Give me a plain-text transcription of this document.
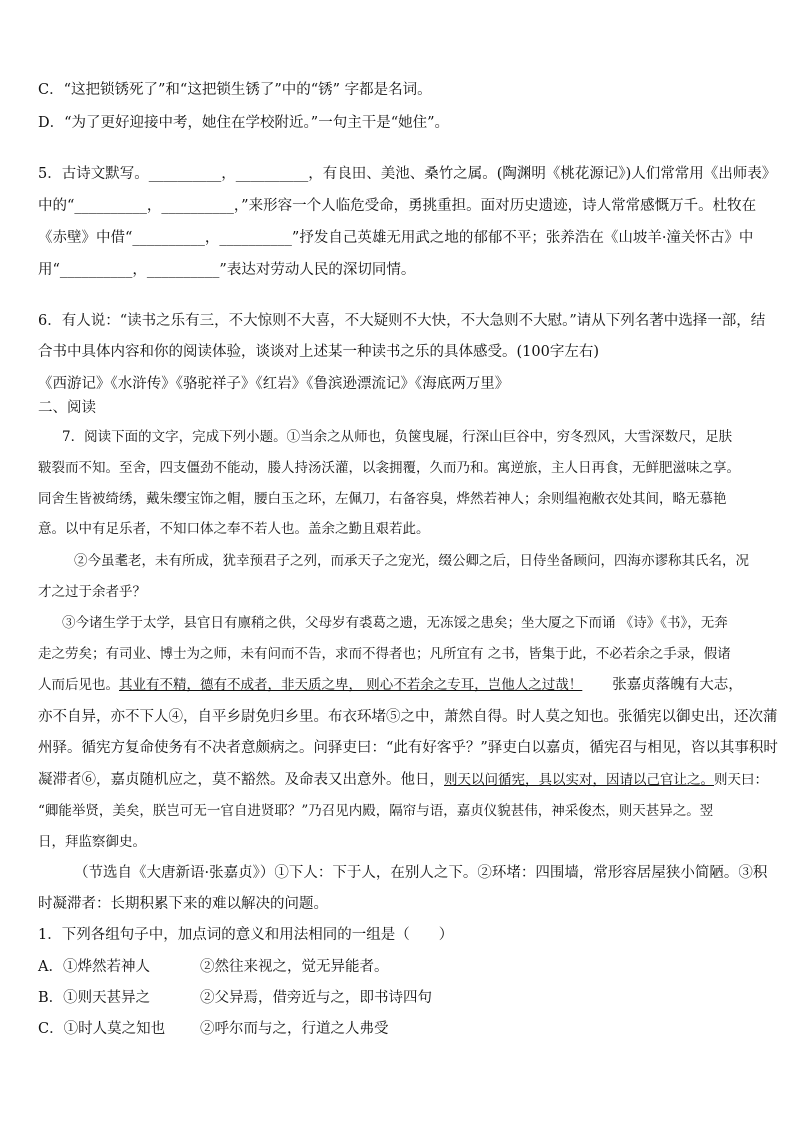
C．“这把锁锈死了”和“这把锁生锈了”中的“锈” 字都是名词。
D．“为了更好迎接中考，她住在学校附近。”一句主干是“她住”。
5．古诗文默写。__________，__________，有良田、美池、桑竹之属。(陶渊明《桃花源记》)人们常常用《出师表》
中的“__________，__________，”来形容一个人临危受命，勇挑重担。面对历史遗迹，诗人常常感慨万千。杜牧在
《赤壁》中借“__________，__________”抒发自己英雄无用武之地的郁郁不平；张养浩在《山坡羊·潼关怀古》中
用“__________，__________”表达对劳动人民的深切同情。
6．有人说：“读书之乐有三，不大惊则不大喜，不大疑则不大快，不大急则不大慰。”请从下列名著中选择一部，结
合书中具体内容和你的阅读体验，谈谈对上述某一种读书之乐的具体感受。(100字左右)
《西游记》《水浒传》《骆驼祥子》《红岩》《鲁滨逊漂流记》《海底两万里》
二、阅读
7．阅读下面的文字，完成下列小题。①当余之从师也，负箧曳屣，行深山巨谷中，穷冬烈风，大雪深数尺，足肤
皲裂而不知。至舍，四支僵劲不能动，媵人持汤沃灌，以衾拥覆，久而乃和。寓逆旅，主人日再食，无鲜肥滋味之享。
同舍生皆被绮绣，戴朱缨宝饰之帽，腰白玉之环，左佩刀，右备容臭，烨然若神人；余则缊袍敝衣处其间，略无慕艳
意。以中有足乐者，不知口体之奉不若人也。盖余之勤且艰若此。
②今虽耄老，未有所成，犹幸预君子之列，而承天子之宠光，缀公卿之后，日侍坐备顾问，四海亦谬称其氏名，况
才之过于余者乎？
③今诸生学于太学，县官日有廪稍之供，父母岁有裘葛之遗，无冻馁之患矣；坐大厦之下而诵 《诗》《书》，无奔
走之劳矣；有司业、博士为之师，未有问而不告，求而不得者也；凡所宜有 之书，皆集于此，不必若余之手录，假诸
人而后见也。其业有不精，德有不成者，非天质之卑， 则心不若余之专耳，岂他人之过哉！ 张嘉贞落魄有大志，
亦不自异，亦不下人④，自平乡尉免归乡里。布衣环堵⑤之中，萧然自得。时人莫之知也。张循宪以御史出，还次蒲
州驿。循宪方复命使务有不决者意颇病之。问驿吏曰：“此有好客乎？”驿吏白以嘉贞，循宪召与相见，咨以其事积时
凝滞者⑥，嘉贞随机应之，莫不豁然。及命表又出意外。他日，则天以问循宪，具以实对，因请以己官让之。则天曰：
“卿能举贤，美矣，朕岂可无一官自进贤耶？”乃召见内殿，隔帘与语，嘉贞仪貌甚伟，神采俊杰，则天甚异之。翌
日，拜监察御史。
（节选自《大唐新语·张嘉贞》）①下人：下于人，在别人之下。②环堵：四围墙，常形容居屋狭小简陋。③积
时凝滞者：长期积累下来的难以解决的问题。
1．下列各组句子中，加点词的意义和用法相同的一组是（　　）
A．①烨然若神人	②然往来视之，觉无异能者。
B．①则天甚异之	②父异焉，借旁近与之，即书诗四句
C．①时人莫之知也 ②呼尔而与之，行道之人弗受
